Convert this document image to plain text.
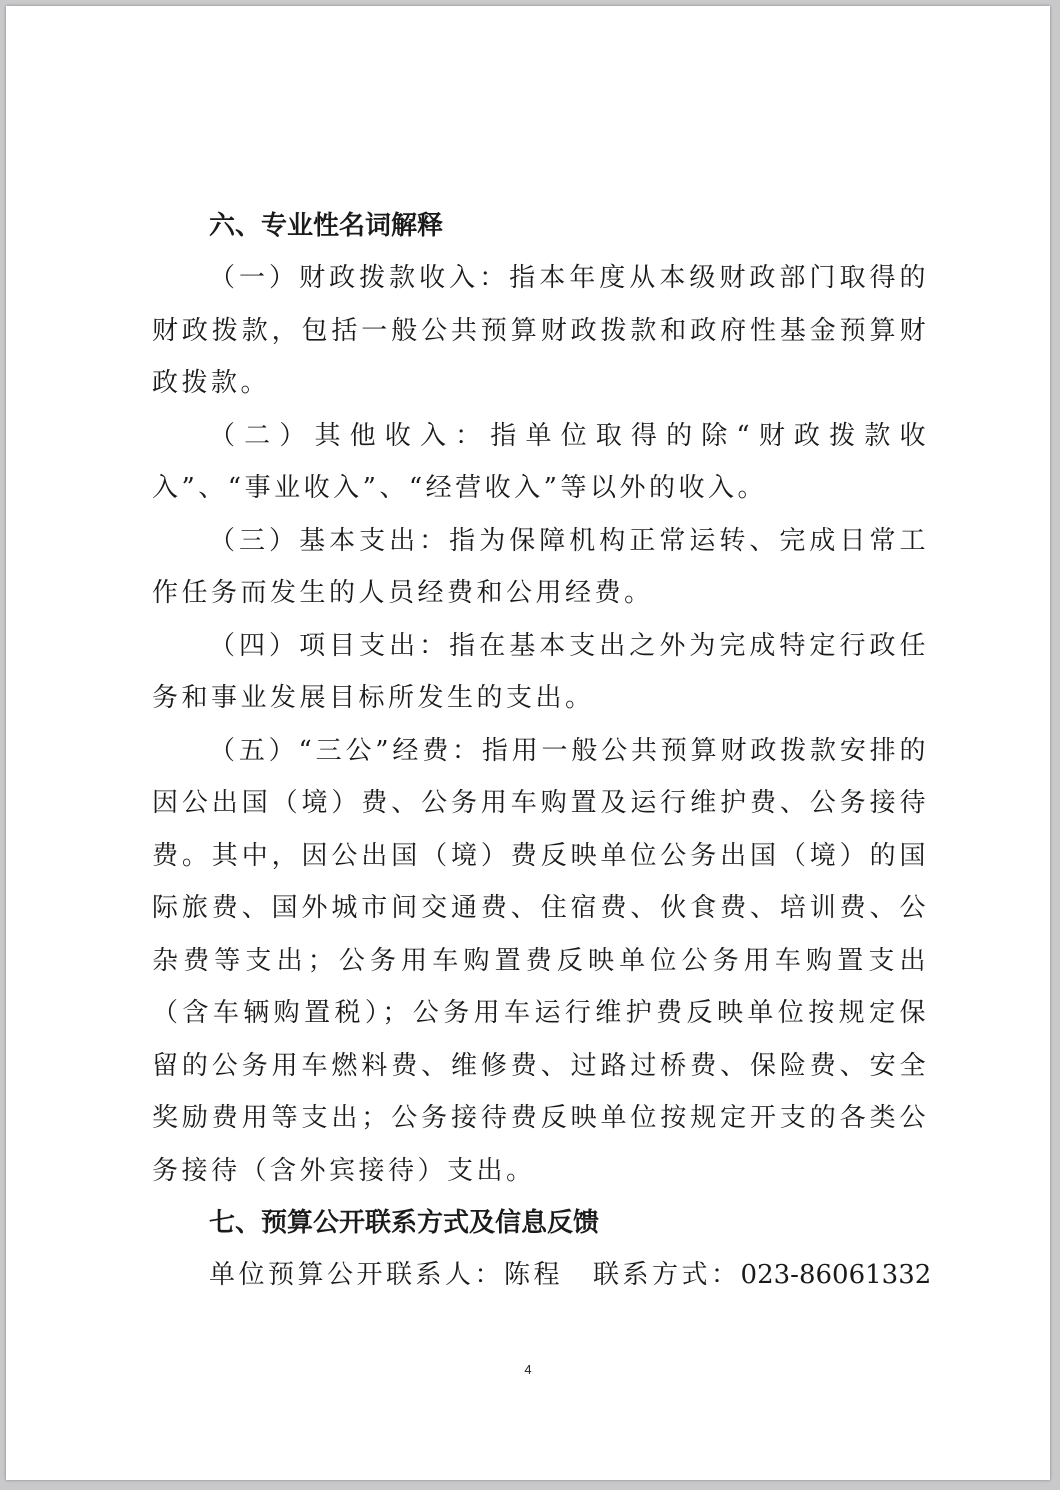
六、专业性名词解释

（一）财政拨款收入：指本年度从本级财政部门取得的财政拨款，包括一般公共预算财政拨款和政府性基金预算财政拨款。

（二）其他收入：指单位取得的除“财政拨款收入”、“事业收入”、“经营收入”等以外的收入。

（三）基本支出：指为保障机构正常运转、完成日常工作任务而发生的人员经费和公用经费。

（四）项目支出：指在基本支出之外为完成特定行政任务和事业发展目标所发生的支出。

（五）“三公”经费：指用一般公共预算财政拨款安排的因公出国（境）费、公务用车购置及运行维护费、公务接待费。其中，因公出国（境）费反映单位公务出国（境）的国际旅费、国外城市间交通费、住宿费、伙食费、培训费、公杂费等支出；公务用车购置费反映单位公务用车购置支出（含车辆购置税）；公务用车运行维护费反映单位按规定保留的公务用车燃料费、维修费、过路过桥费、保险费、安全奖励费用等支出；公务接待费反映单位按规定开支的各类公务接待（含外宾接待）支出。

七、预算公开联系方式及信息反馈

单位预算公开联系人：陈程 联系方式：023-86061332

4
